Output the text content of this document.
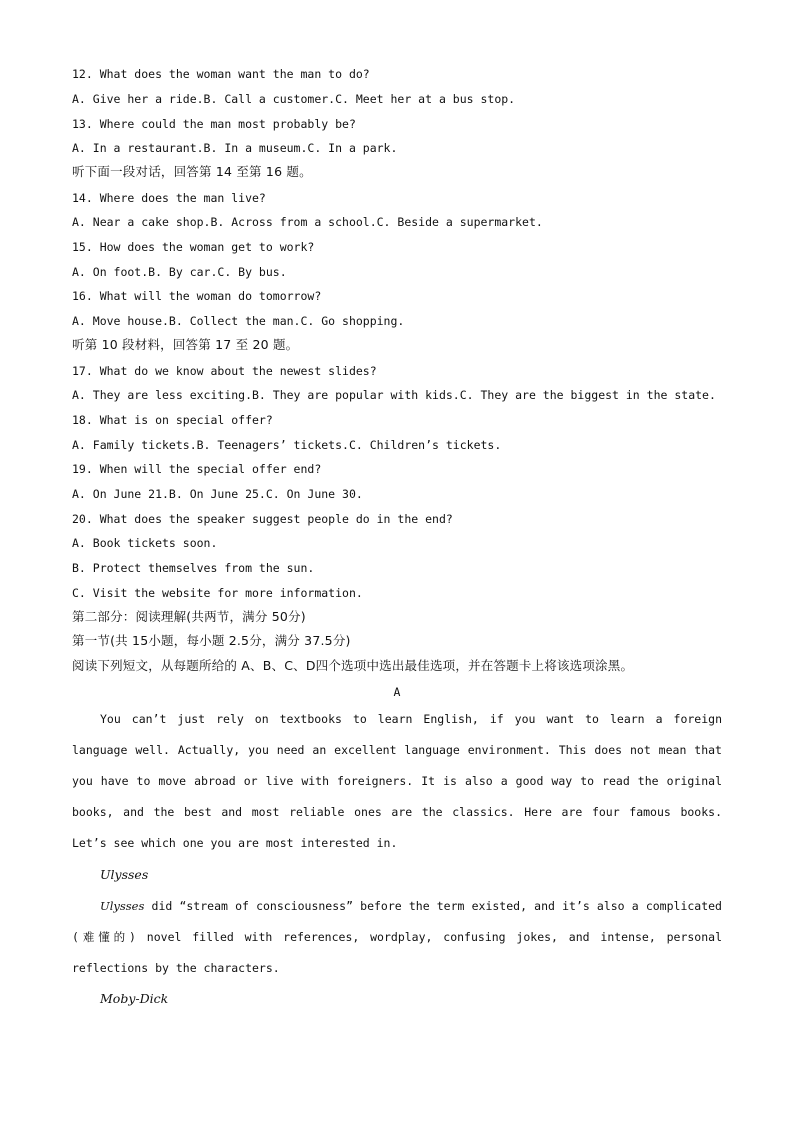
12. What does the woman want the man to do?
A. Give her a ride.B. Call a customer.C. Meet her at a bus stop.
13. Where could the man most probably be?
A. In a restaurant.B. In a museum.C. In a park.
听下面一段对话，回答第 14 至第 16 题。
14. Where does the man live?
A. Near a cake shop.B. Across from a school.C. Beside a supermarket.
15. How does the woman get to work?
A. On foot.B. By car.C. By bus.
16. What will the woman do tomorrow?
A. Move house.B. Collect the man.C. Go shopping.
听第 10 段材料，回答第 17 至 20 题。
17. What do we know about the newest slides?
A. They are less exciting.B. They are popular with kids.C. They are the biggest in the state.
18. What is on special offer?
A. Family tickets.B. Teenagers’ tickets.C. Children’s tickets.
19. When will the special offer end?
A. On June 21.B. On June 25.C. On June 30.
20. What does the speaker suggest people do in the end?
A. Book tickets soon.
B. Protect themselves from the sun.
C. Visit the website for more information.
第二部分：阅读理解(共两节，满分 50分)
第一节(共 15小题，每小题 2.5分，满分 37.5分)
阅读下列短文，从每题所给的 A、B、C、D四个选项中选出最佳选项，并在答题卡上将该选项涂黑。
A
You can’t just rely on textbooks to learn English, if you want to learn a foreign language well. Actually, you need an excellent language environment. This does not mean that you have to move abroad or live with foreigners. It is also a good way to read the original books, and the best and most reliable ones are the classics. Here are four famous books. Let’s see which one you are most interested in.
Ulysses
Ulysses did “stream of consciousness” before the term existed, and it’s also a complicated (难懂的) novel filled with references, wordplay, confusing jokes, and intense, personal reflections by the characters.
Moby-Dick
